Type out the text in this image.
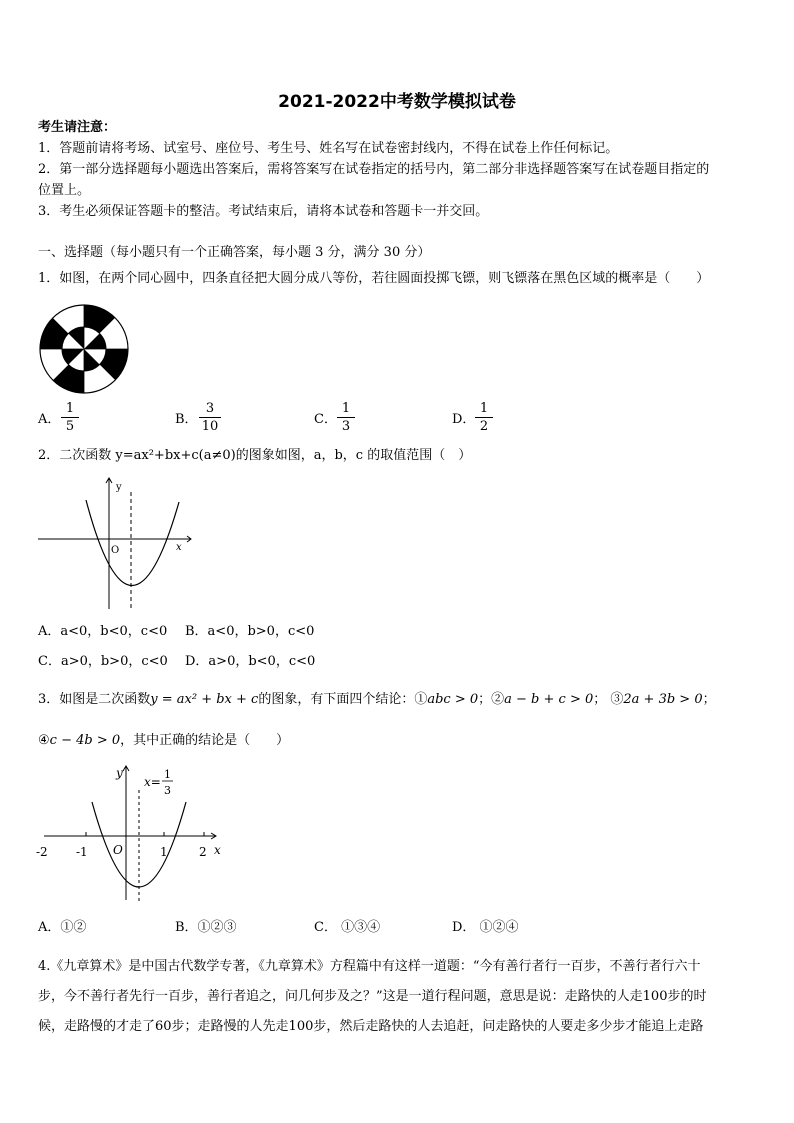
2021-2022中考数学模拟试卷
考生请注意：
1．答题前请将考场、试室号、座位号、考生号、姓名写在试卷密封线内，不得在试卷上作任何标记。
2．第一部分选择题每小题选出答案后，需将答案写在试卷指定的括号内，第二部分非选择题答案写在试卷题目指定的
位置上。
3．考生必须保证答题卡的整洁。考试结束后，请将本试卷和答题卡一并交回。
一、选择题（每小题只有一个正确答案，每小题 3 分，满分 30 分）
1．如图，在两个同心圆中，四条直径把大圆分成八等份，若往圆面投掷飞镖，则飞镖落在黑色区域的概率是（　　）
A．
1
5	B．
3
10	C．
1
3	D．
1
2
2．二次函数 y=ax²+bx+c(a≠0)的图象如图，a，b，c 的取值范围（　）
y
x
O
A．a<0，b<0，c<0 B．a<0，b>0，c<0
C．a>0，b>0，c<0 D．a>0，b<0，c<0
3．如图是二次函数y = ax² + bx + c的图象，有下面四个结论：①abc > 0；②a − b + c > 0； ③2a + 3b > 0；
④c − 4b > 0，其中正确的结论是（　　）
y
x
O
-2 -1	1	2
x=
1
3
A．①②	B．①②③	C． ①③④	D． ①②④
4.《九章算术》是中国古代数学专著，《九章算术》方程篇中有这样一道题：“今有善行者行一百步，不善行者行六十
步，今不善行者先行一百步，善行者追之，问几何步及之？”这是一道行程问题，意思是说：走路快的人走100步的时
候，走路慢的才走了60步；走路慢的人先走100步，然后走路快的人去追赶，问走路快的人要走多少步才能追上走路
